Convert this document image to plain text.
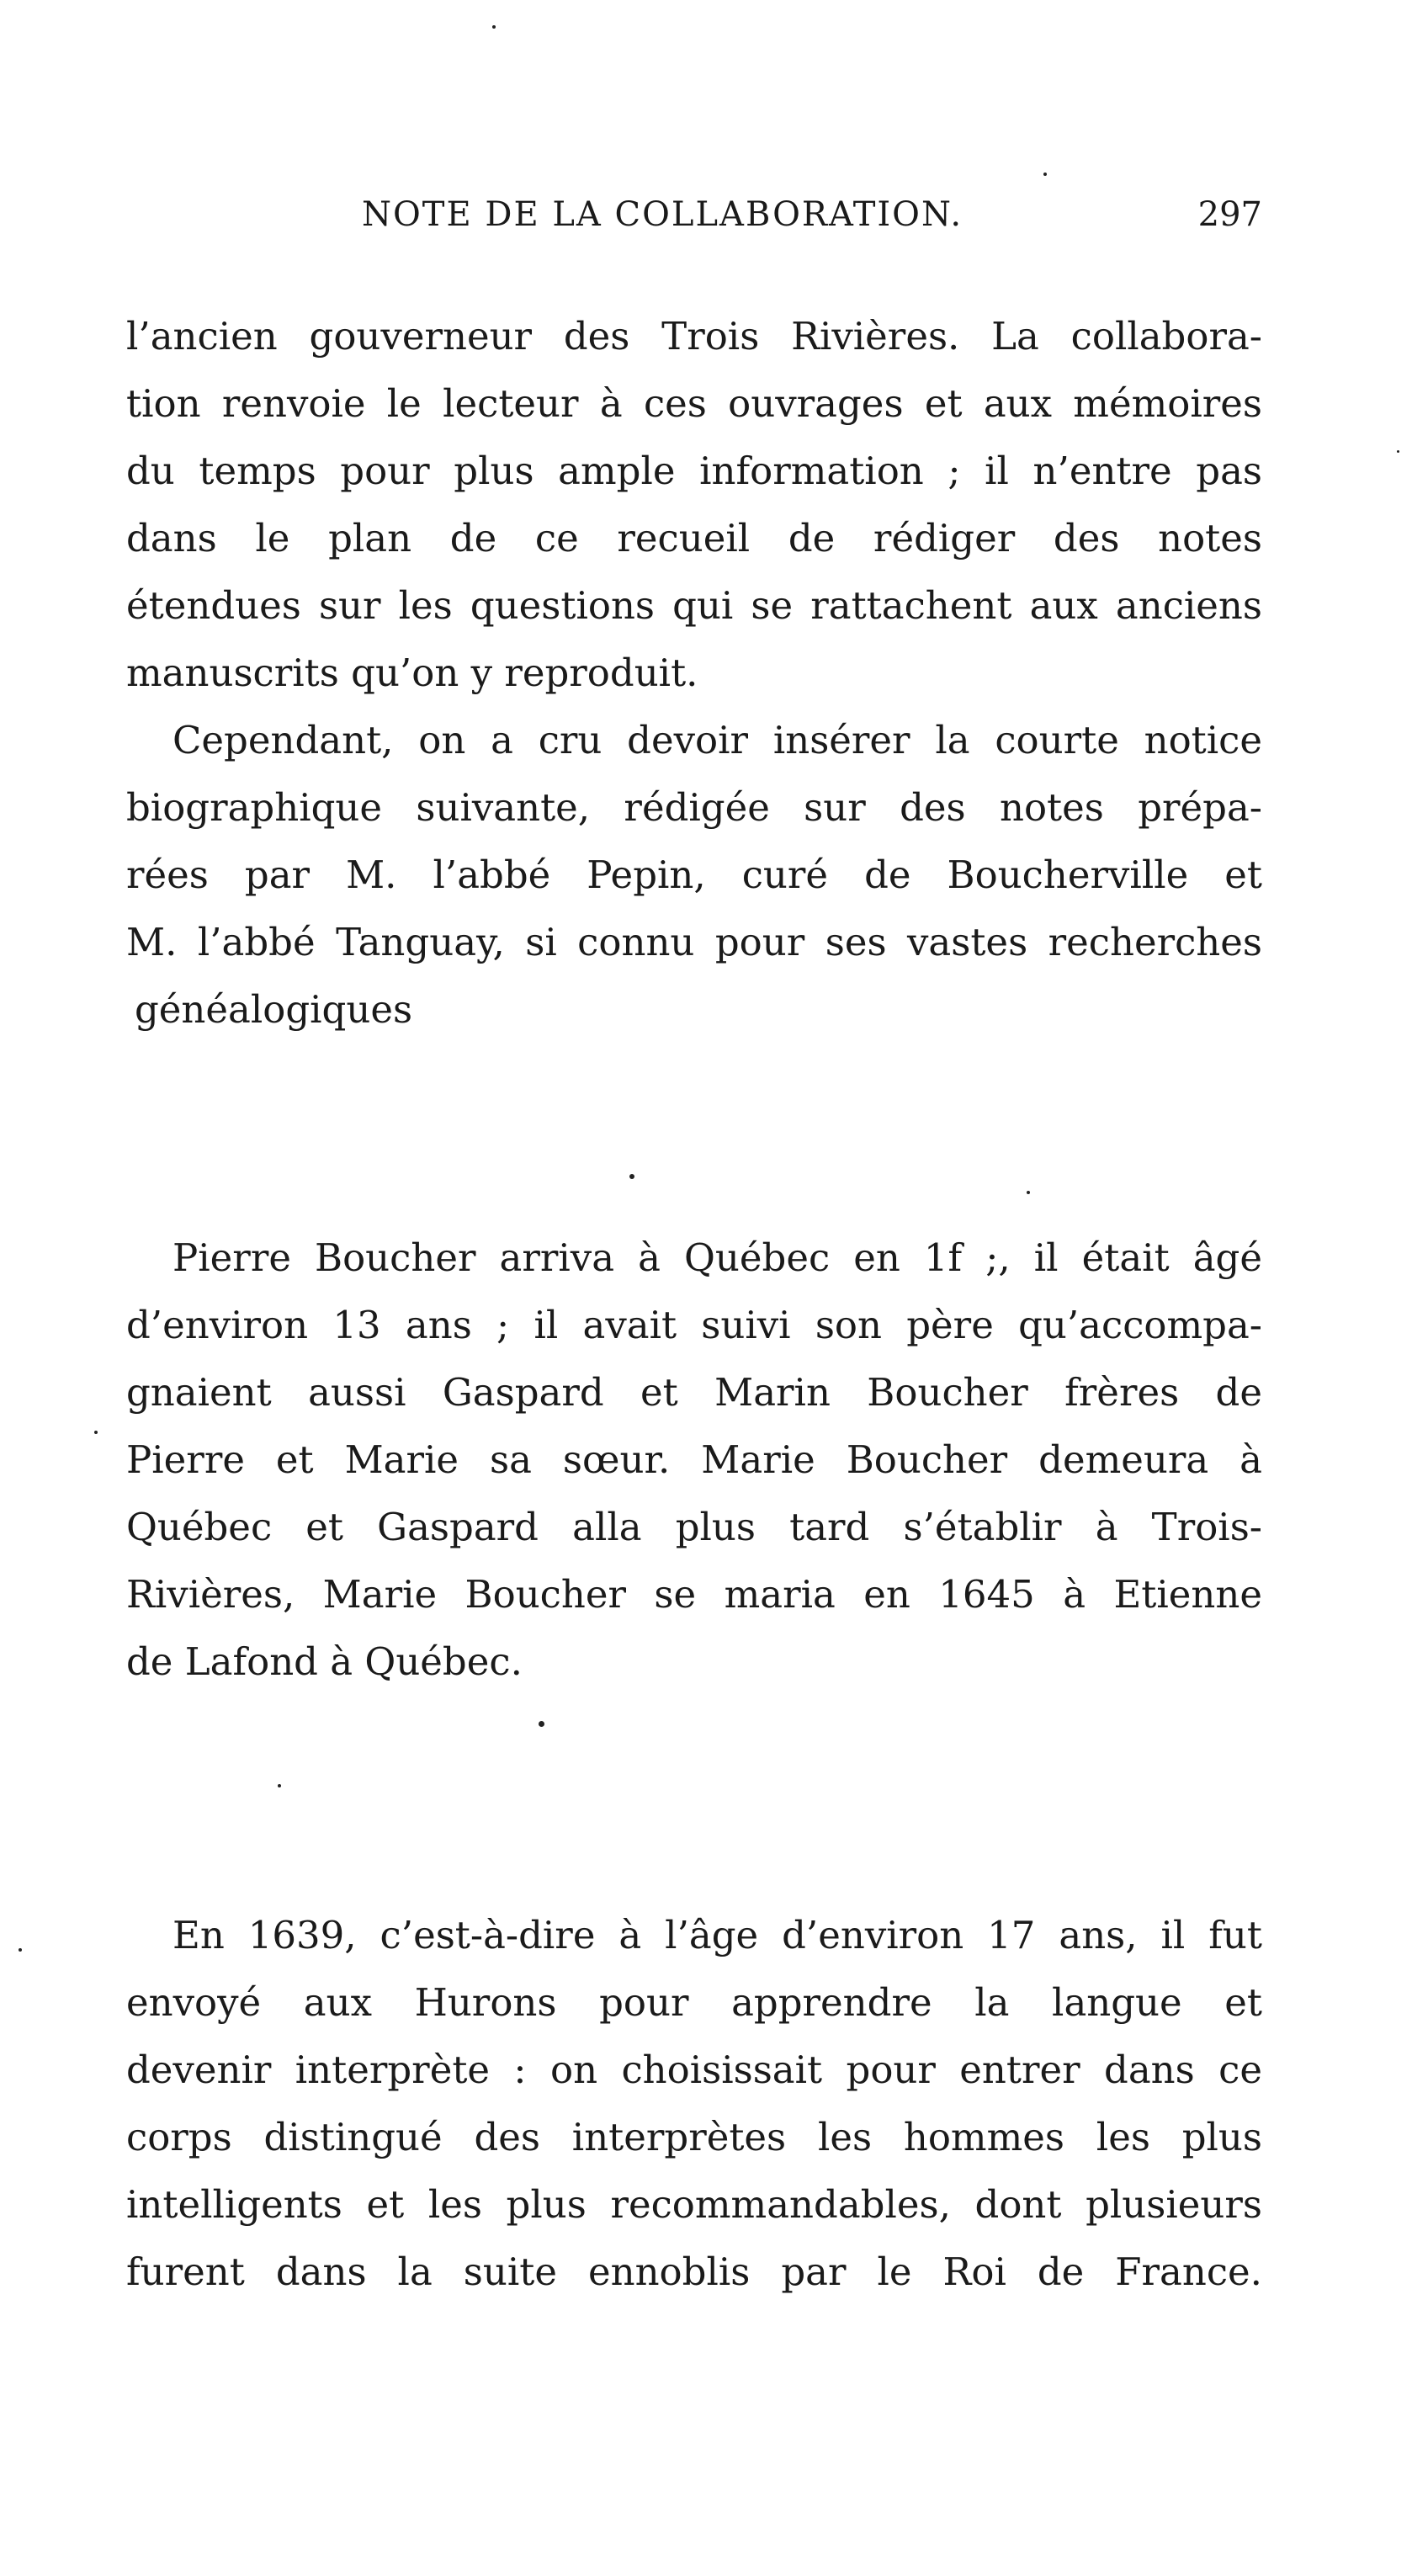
NOTE DE LA COLLABORATION.	297

l’ancien gouverneur des Trois Rivières. La collabora-
tion renvoie le lecteur à ces ouvrages et aux mémoires
du temps pour plus ample information ; il n’entre pas
dans le plan de ce recueil de rédiger des notes
étendues sur les questions qui se rattachent aux anciens
manuscrits qu’on y reproduit.

Cependant, on a cru devoir insérer la courte notice
biographique suivante, rédigée sur des notes prépa-
rées par M. l’abbé Pepin, curé de Boucherville et
M. l’abbé Tanguay, si connu pour ses vastes recherches
généalogiques

Pierre Boucher arriva à Québec en 1f ;, il était âgé
d’environ 13 ans ; il avait suivi son père qu’accompa-
gnaient aussi Gaspard et Marin Boucher frères de
Pierre et Marie sa sœur. Marie Boucher demeura à
Québec et Gaspard alla plus tard s’établir à Trois-
Rivières, Marie Boucher se maria en 1645 à Etienne
de Lafond à Québec.

En 1639, c’est-à-dire à l’âge d’environ 17 ans, il fut
envoyé aux Hurons pour apprendre la langue et
devenir interprète : on choisissait pour entrer dans ce
corps distingué des interprètes les hommes les plus
intelligents et les plus recommandables, dont plusieurs
furent dans la suite ennoblis par le Roi de France.
